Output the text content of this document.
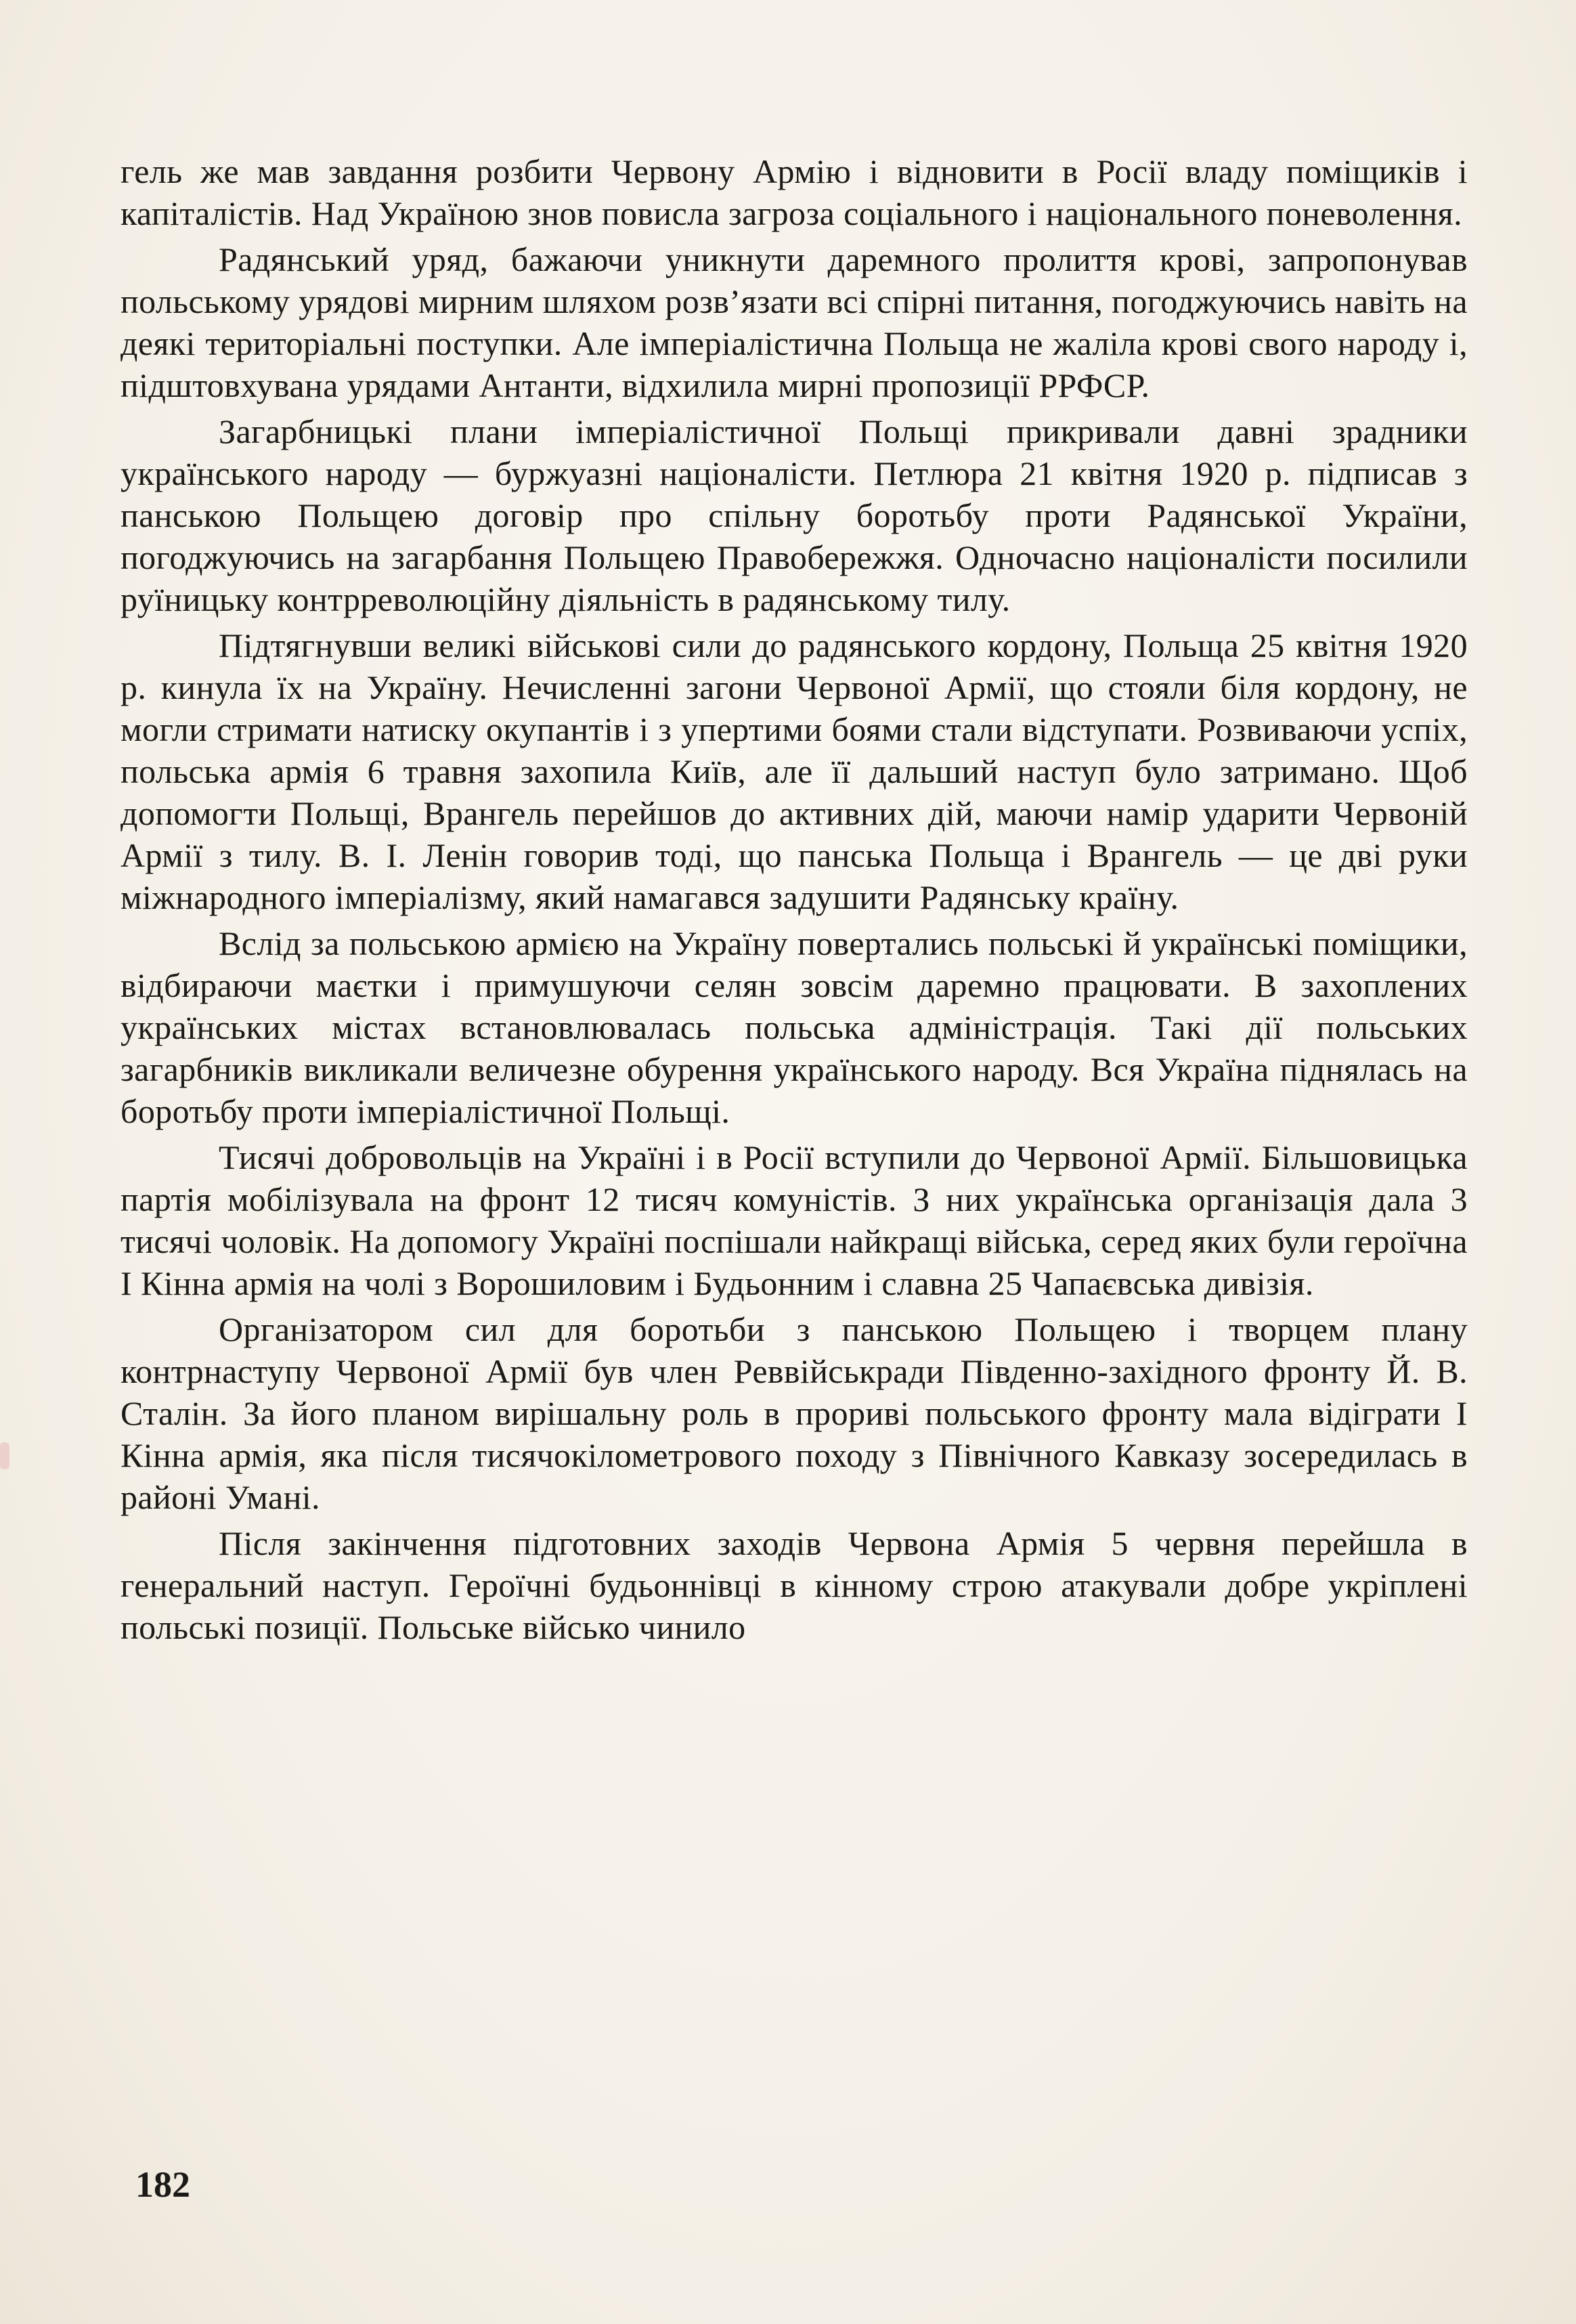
гель же мав завдання розбити Червону Армію і відновити в Росії владу поміщиків і капіталістів. Над Україною знов повисла загроза соціального і національного поневолення.

Радянський уряд, бажаючи уникнути даремного пролиття крові, запропонував польському урядові мирним шляхом розв’язати всі спірні питання, погоджуючись навіть на деякі територіальні поступки. Але імперіалістична Польща не жаліла крові свого народу і, підштовхувана урядами Антанти, відхилила мирні пропозиції РРФСР.

Загарбницькі плани імперіалістичної Польщі прикривали давні зрадники українського народу — буржуазні націоналісти. Петлюра 21 квітня 1920 р. підписав з панською Польщею договір про спільну боротьбу проти Радянської України, погоджуючись на загарбання Польщею Правобережжя. Одночасно націоналісти посилили руїницьку контрреволюційну діяльність в радянському тилу.

Підтягнувши великі військові сили до радянського кордону, Польща 25 квітня 1920 р. кинула їх на Україну. Нечисленні загони Червоної Армії, що стояли біля кордону, не могли стримати натиску окупантів і з упертими боями стали відступати. Розвиваючи успіх, польська армія 6 травня захопила Київ, але її дальший наступ було затримано. Щоб допомогти Польщі, Врангель перейшов до активних дій, маючи намір ударити Червоній Армії з тилу. В. І. Ленін говорив тоді, що панська Польща і Врангель — це дві руки міжнародного імперіалізму, який намагався задушити Радянську країну.

Вслід за польською армією на Україну повертались польські й українські поміщики, відбираючи маєтки і примушуючи селян зовсім даремно працювати. В захоплених українських містах встановлювалась польська адміністрація. Такі дії польських загарбників викликали величезне обурення українського народу. Вся Україна піднялась на боротьбу проти імперіалістичної Польщі.

Тисячі добровольців на Україні і в Росії вступили до Червоної Армії. Більшовицька партія мобілізувала на фронт 12 тисяч комуністів. З них українська організація дала 3 тисячі чоловік. На допомогу Україні поспішали найкращі війська, серед яких були героїчна І Кінна армія на чолі з Ворошиловим і Будьонним і славна 25 Чапаєвська дивізія.

Організатором сил для боротьби з панською Польщею і творцем плану контрнаступу Червоної Армії був член Реввійськради Південно-західного фронту Й. В. Сталін. За його планом вирішальну роль в прориві польського фронту мала відіграти І Кінна армія, яка після тисячокілометрового походу з Північного Кавказу зосередилась в районі Умані.

Після закінчення підготовних заходів Червона Армія 5 червня перейшла в генеральний наступ. Героїчні будьоннівці в кінному строю атакували добре укріплені польські позиції. Польське військо чинило

182
